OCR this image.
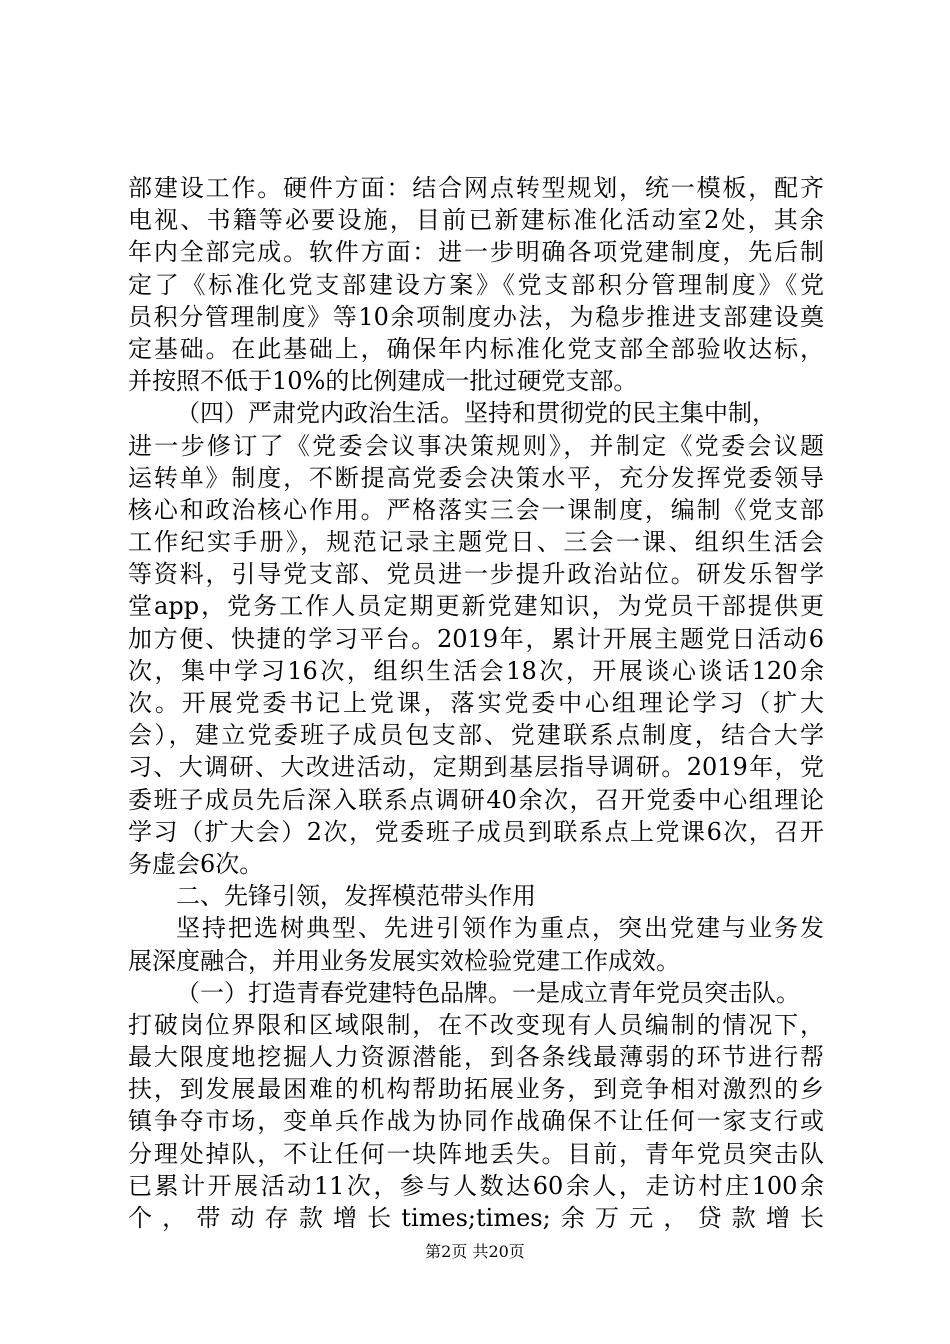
部建设工作。硬件方面：结合网点转型规划，统一模板，配齐
电视、书籍等必要设施，目前已新建标准化活动室2处，其余
年内全部完成。软件方面：进一步明确各项党建制度，先后制
定了《标准化党支部建设方案》《党支部积分管理制度》《党
员积分管理制度》等10余项制度办法，为稳步推进支部建设奠
定基础。在此基础上，确保年内标准化党支部全部验收达标，
并按照不低于10%的比例建成一批过硬党支部。
（四）严肃党内政治生活。坚持和贯彻党的民主集中制，
进一步修订了《党委会议事决策规则》，并制定《党委会议题
运转单》制度，不断提高党委会决策水平，充分发挥党委领导
核心和政治核心作用。严格落实三会一课制度，编制《党支部
工作纪实手册》，规范记录主题党日、三会一课、组织生活会
等资料，引导党支部、党员进一步提升政治站位。研发乐智学
堂app，党务工作人员定期更新党建知识，为党员干部提供更
加方便、快捷的学习平台。2019年，累计开展主题党日活动6
次，集中学习16次，组织生活会18次，开展谈心谈话120余
次。开展党委书记上党课，落实党委中心组理论学习（扩大
会），建立党委班子成员包支部、党建联系点制度，结合大学
习、大调研、大改进活动，定期到基层指导调研。2019年，党
委班子成员先后深入联系点调研40余次，召开党委中心组理论
学习（扩大会）2次，党委班子成员到联系点上党课6次，召开
务虚会6次。
二、先锋引领，发挥模范带头作用
坚持把选树典型、先进引领作为重点，突出党建与业务发
展深度融合，并用业务发展实效检验党建工作成效。
（一）打造青春党建特色品牌。一是成立青年党员突击队。
打破岗位界限和区域限制，在不改变现有人员编制的情况下，
最大限度地挖掘人力资源潜能，到各条线最薄弱的环节进行帮
扶，到发展最困难的机构帮助拓展业务，到竞争相对激烈的乡
镇争夺市场，变单兵作战为协同作战确保不让任何一家支行或
分理处掉队，不让任何一块阵地丢失。目前，青年党员突击队
已累计开展活动11次，参与人数达60余人，走访村庄100余
个，带动存款增长times;times;余万元，贷款增长
第2页 共20页
